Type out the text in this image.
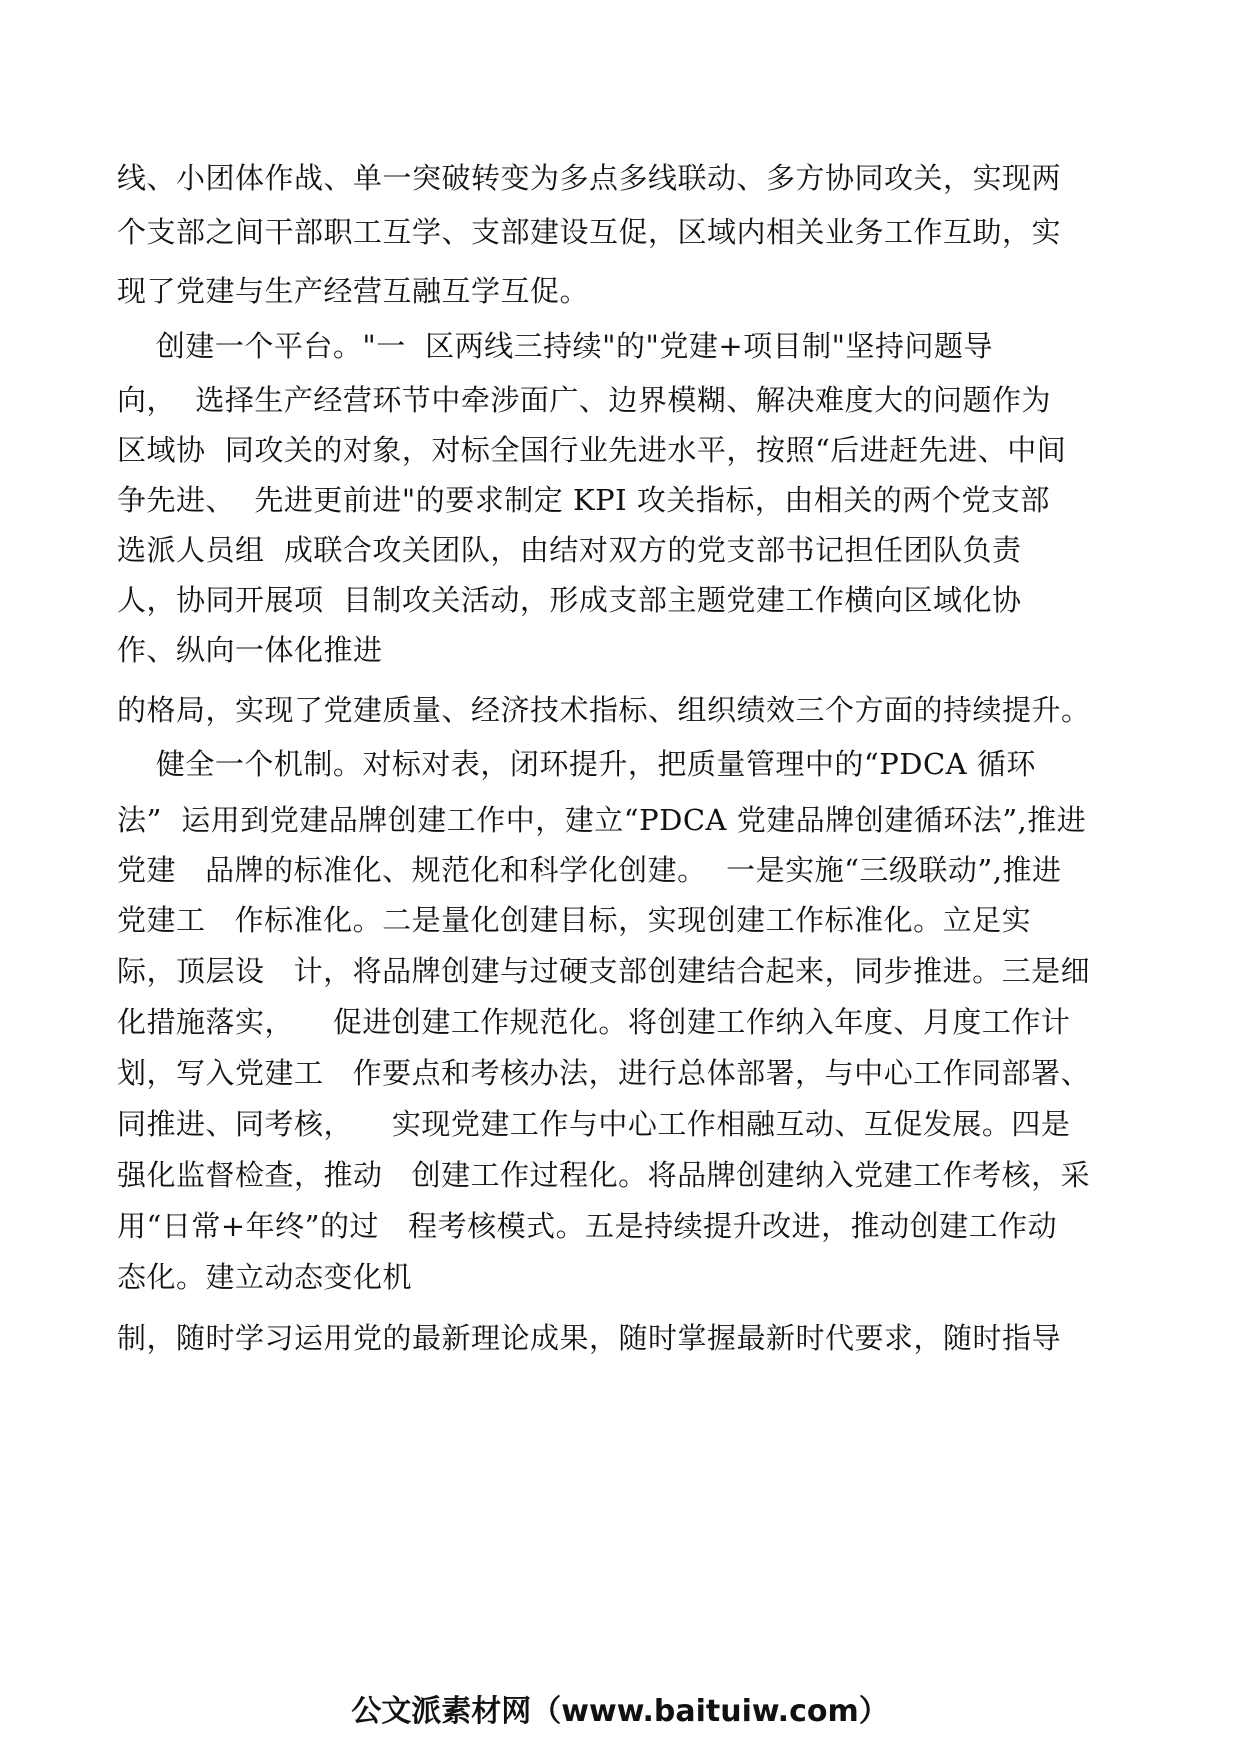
线、小团体作战、单一突破转变为多点多线联动、多方协同攻关，实现两
个支部之间干部职工互学、支部建设互促，区域内相关业务工作互助，实
现了党建与生产经营互融互学互促。
创建一个平台。"一  区两线三持续"的"党建+项目制"坚持问题导
向，  选择生产经营环节中牵涉面广、边界模糊、解决难度大的问题作为
区域协  同攻关的对象，对标全国行业先进水平，按照“后进赶先进、中间
争先进、  先进更前进"的要求制定 KPI 攻关指标，由相关的两个党支部
选派人员组  成联合攻关团队，由结对双方的党支部书记担任团队负责
人，协同开展项  目制攻关活动，形成支部主题党建工作横向区域化协
作、纵向一体化推进
的格局，实现了党建质量、经济技术指标、组织绩效三个方面的持续提升。
健全一个机制。对标对表，闭环提升，把质量管理中的“PDCA 循环
法”  运用到党建品牌创建工作中，建立“PDCA 党建品牌创建循环法”,推进
党建   品牌的标准化、规范化和科学化创建。  一是实施“三级联动”,推进
党建工   作标准化。二是量化创建目标，实现创建工作标准化。立足实
际，顶层设   计，将品牌创建与过硬支部创建结合起来，同步推进。三是细
化措施落实，    促进创建工作规范化。将创建工作纳入年度、月度工作计
划，写入党建工   作要点和考核办法，进行总体部署，与中心工作同部署、
同推进、同考核，    实现党建工作与中心工作相融互动、互促发展。四是
强化监督检查，推动   创建工作过程化。将品牌创建纳入党建工作考核，采
用“日常+年终”的过   程考核模式。五是持续提升改进，推动创建工作动
态化。建立动态变化机
制，随时学习运用党的最新理论成果，随时掌握最新时代要求，随时指导
公文派素材网（www.baituiw.com）
